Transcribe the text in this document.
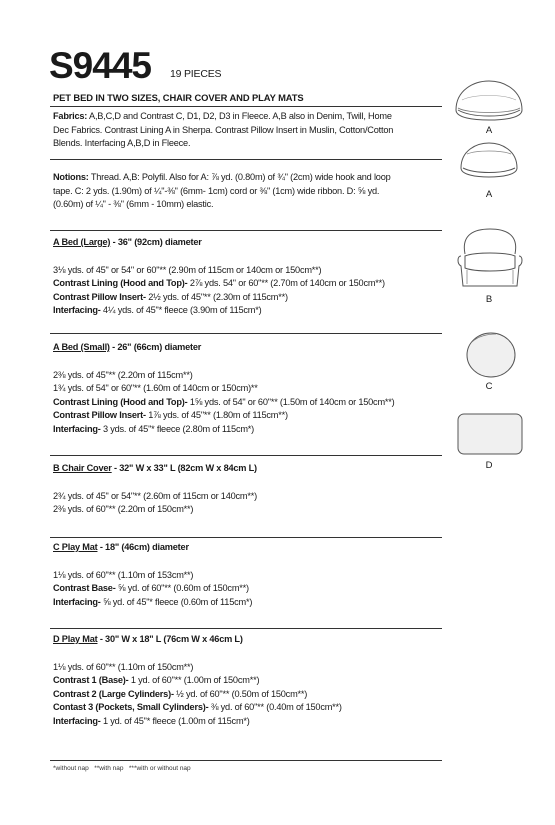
S9445 19 PIECES
PET BED IN TWO SIZES, CHAIR COVER AND PLAY MATS
Fabrics: A,B,C,D and Contrast C, D1, D2, D3 in Fleece. A,B also in Denim, Twill, Home
Dec Fabrics. Contrast Lining A in Sherpa. Contrast Pillow Insert in Muslin, Cotton/Cotton
Blends. Interfacing A,B,D in Fleece.
Notions: Thread. A,B: Polyfil. Also for A: ⅞ yd. (0.80m) of ¾" (2cm) wide hook and loop
tape. C: 2 yds. (1.90m) of ¼"-⅜" (6mm- 1cm) cord or ⅜" (1cm) wide ribbon. D: ⅝ yd.
(0.60m) of ¼" - ⅜" (6mm - 10mm) elastic.
A Bed (Large) - 36" (92cm) diameter
3⅛ yds. of 45" or 54" or 60"** (2.90m of 115cm or 140cm or 150cm**)
Contrast Lining (Hood and Top)- 2⅞ yds. 54" or 60"** (2.70m of 140cm or 150cm**)
Contrast Pillow Insert- 2½ yds. of 45"** (2.30m of 115cm**)
Interfacing- 4¼ yds. of 45"* fleece (3.90m of 115cm*)
A Bed (Small) - 26" (66cm) diameter
2⅜ yds. of 45"** (2.20m of 115cm**)
1¾ yds. of 54" or 60"** (1.60m of 140cm or 150cm)**
Contrast Lining (Hood and Top)- 1⅝ yds. of 54" or 60"** (1.50m of 140cm or 150cm**)
Contrast Pillow Insert- 1⅞ yds. of 45"** (1.80m of 115cm**)
Interfacing- 3 yds. of 45"* fleece (2.80m of 115cm*)
B Chair Cover - 32" W x 33" L (82cm W x 84cm L)
2¾ yds. of 45" or 54"** (2.60m of 115cm or 140cm**)
2⅜ yds. of 60"** (2.20m of 150cm**)
C Play Mat - 18" (46cm) diameter
1⅛ yds. of 60"** (1.10m of 153cm**)
Contrast Base- ⅝ yd. of 60"** (0.60m of 150cm**)
Interfacing- ⅝ yd. of 45"* fleece (0.60m of 115cm*)
D Play Mat - 30" W x 18" L (76cm W x 46cm L)
1⅛ yds. of 60"** (1.10m of 150cm**)
Contrast 1 (Base)- 1 yd. of 60"** (1.00m of 150cm**)
Contrast 2 (Large Cylinders)- ½ yd. of 60"** (0.50m of 150cm**)
Contast 3 (Pockets, Small Cylinders)- ⅜ yd. of 60"** (0.40m of 150cm**)
Interfacing- 1 yd. of 45"* fleece (1.00m of 115cm*)
*without nap   **with nap   ***with or without nap
A
A
B
C
D
